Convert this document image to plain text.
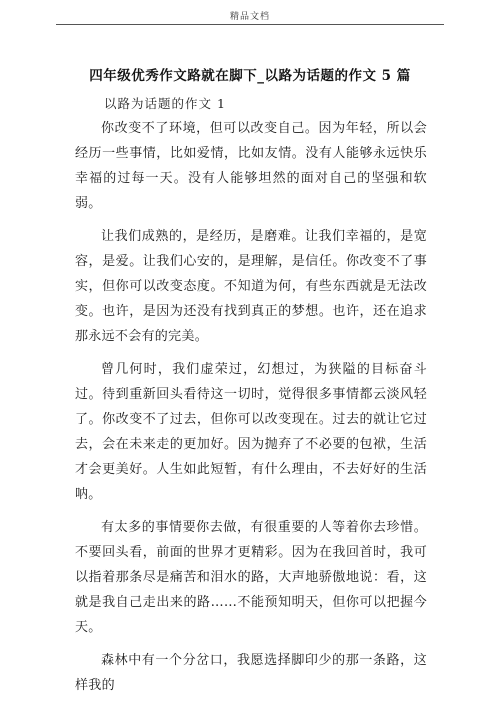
精品文档
四年级优秀作文路就在脚下_以路为话题的作文 5 篇
以路为话题的作文 1

你改变不了环境，但可以改变自己。因为年轻，所以会经历一些事情，比如爱情，比如友情。没有人能够永远快乐幸福的过每一天。没有人能够坦然的面对自己的坚强和软弱。

让我们成熟的，是经历，是磨难。让我们幸福的，是宽容，是爱。让我们心安的，是理解，是信任。你改变不了事实，但你可以改变态度。不知道为何，有些东西就是无法改变。也许，是因为还没有找到真正的梦想。也许，还在追求那永远不会有的完美。

曾几何时，我们虚荣过，幻想过，为狭隘的目标奋斗过。待到重新回头看待这一切时，觉得很多事情都云淡风轻了。你改变不了过去，但你可以改变现在。过去的就让它过去，会在未来走的更加好。因为抛弃了不必要的包袱，生活才会更美好。人生如此短暂，有什么理由，不去好好的生活呐。

有太多的事情要你去做，有很重要的人等着你去珍惜。不要回头看，前面的世界才更精彩。因为在我回首时，我可以指着那条尽是痛苦和泪水的路，大声地骄傲地说：看，这就是我自己走出来的路……不能预知明天，但你可以把握今天。

森林中有一个分岔口，我愿选择脚印少的那一条路，这样我的
